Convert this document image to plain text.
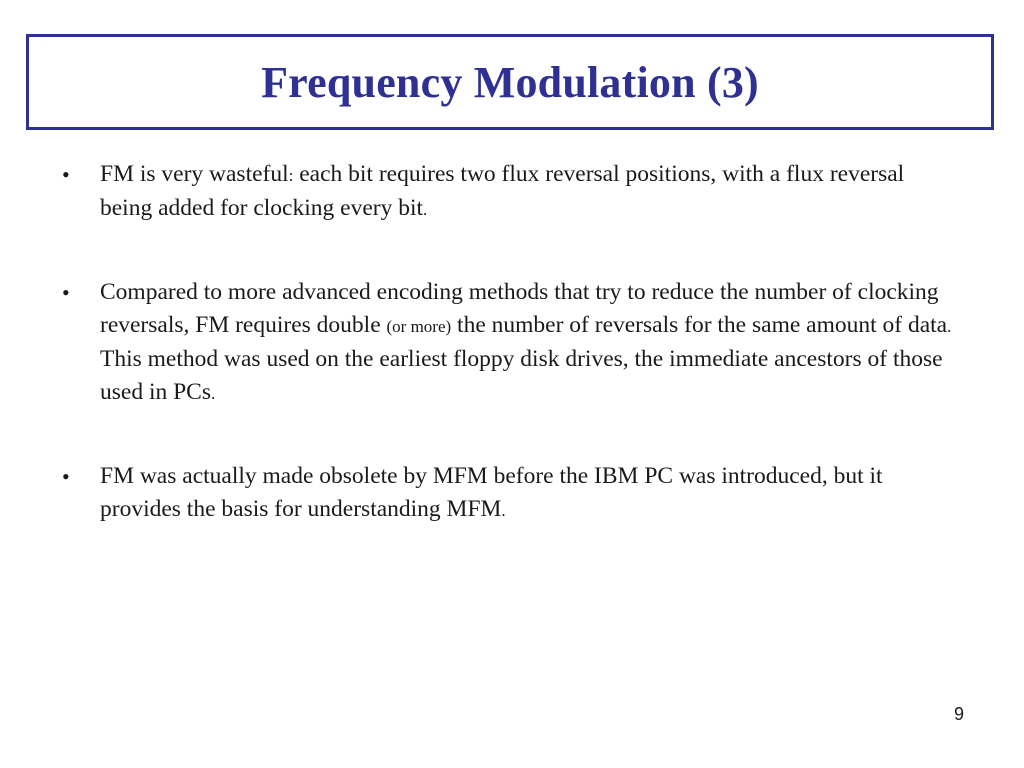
Frequency Modulation (3)
• FM is very wasteful: each bit requires two flux reversal positions, with a flux reversal being added for clocking every bit.
• Compared to more advanced encoding methods that try to reduce the number of clocking reversals, FM requires double (or more) the number of reversals for the same amount of data. This method was used on the earliest floppy disk drives, the immediate ancestors of those used in PCs.
• FM was actually made obsolete by MFM before the IBM PC was introduced, but it provides the basis for understanding MFM.
9
